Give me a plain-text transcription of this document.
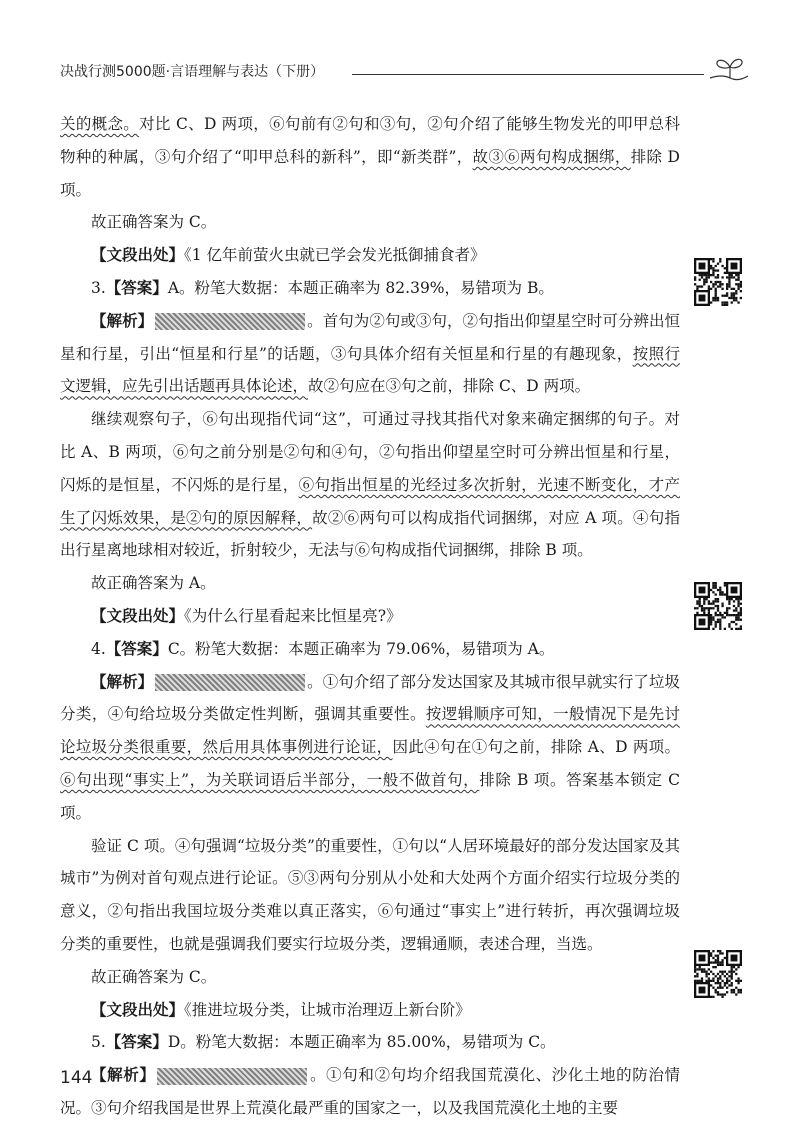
决战行测5000题·言语理解与表达（下册）

关的概念。对比 C、D 两项，⑥句前有②句和③句，②句介绍了能够生物发光的叩甲总科物种的种属，③句介绍了“叩甲总科的新科”，即“新类群”，故③⑥两句构成捆绑，排除 D 项。

故正确答案为 C。

【文段出处】《1 亿年前萤火虫就已学会发光抵御捕食者》

3.【答案】A。粉笔大数据：本题正确率为 82.39%，易错项为 B。

【解析】	。首句为②句或③句，②句指出仰望星空时可分辨出恒星和行星，引出“恒星和行星”的话题，③句具体介绍有关恒星和行星的有趣现象，按照行文逻辑，应先引出话题再具体论述，故②句应在③句之前，排除 C、D 两项。

继续观察句子，⑥句出现指代词“这”，可通过寻找其指代对象来确定捆绑的句子。对比 A、B 两项，⑥句之前分别是②句和④句，②句指出仰望星空时可分辨出恒星和行星，闪烁的是恒星，不闪烁的是行星，⑥句指出恒星的光经过多次折射，光速不断变化，才产生了闪烁效果，是②句的原因解释，故②⑥两句可以构成指代词捆绑，对应 A 项。④句指出行星离地球相对较近，折射较少，无法与⑥句构成指代词捆绑，排除 B 项。

故正确答案为 A。

【文段出处】《为什么行星看起来比恒星亮?》

4.【答案】C。粉笔大数据：本题正确率为 79.06%，易错项为 A。

【解析】	。①句介绍了部分发达国家及其城市很早就实行了垃圾分类，④句给垃圾分类做定性判断，强调其重要性。按逻辑顺序可知，一般情况下是先讨论垃圾分类很重要，然后用具体事例进行论证，因此④句在①句之前，排除 A、D 两项。⑥句出现“事实上”，为关联词语后半部分，一般不做首句，排除 B 项。答案基本锁定 C 项。

验证 C 项。④句强调“垃圾分类”的重要性，①句以“人居环境最好的部分发达国家及其城市”为例对首句观点进行论证。⑤③两句分别从小处和大处两个方面介绍实行垃圾分类的意义，②句指出我国垃圾分类难以真正落实，⑥句通过“事实上”进行转折，再次强调垃圾分类的重要性，也就是强调我们要实行垃圾分类，逻辑通顺，表述合理，当选。

故正确答案为 C。

【文段出处】《推进垃圾分类，让城市治理迈上新台阶》

5.【答案】D。粉笔大数据：本题正确率为 85.00%，易错项为 C。

【解析】	。①句和②句均介绍我国荒漠化、沙化土地的防治情况。③句介绍我国是世界上荒漠化最严重的国家之一，以及我国荒漠化土地的主要

144
